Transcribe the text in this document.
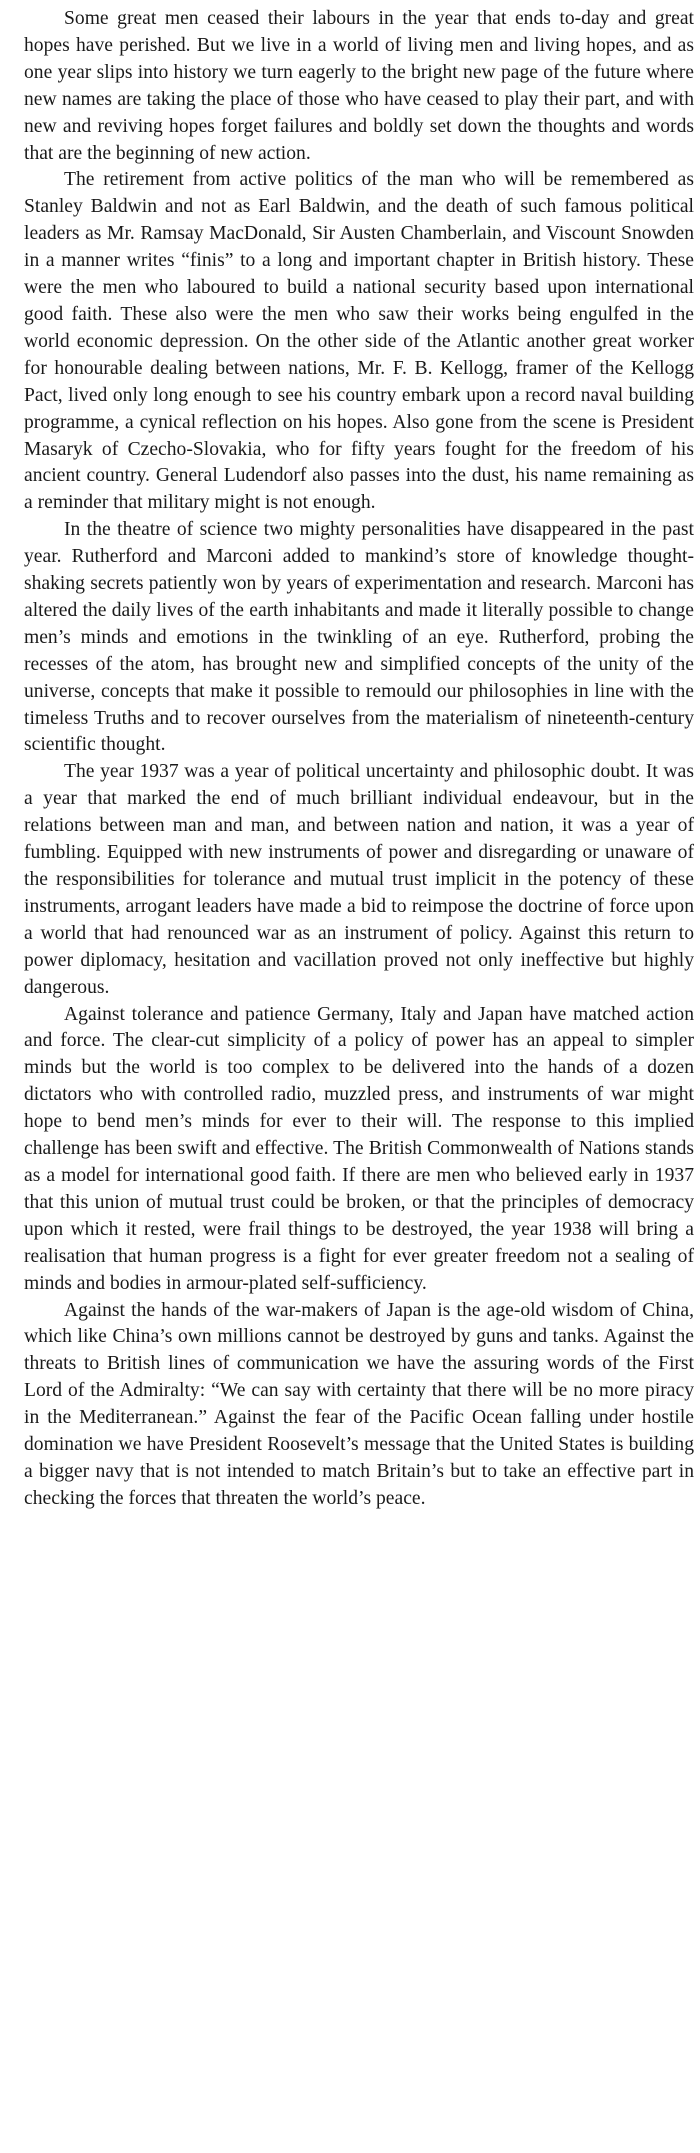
Some great men ceased their labours in the year that ends to-day and great hopes have perished. But we live in a world of living men and living hopes, and as one year slips into history we turn eagerly to the bright new page of the future where new names are taking the place of those who have ceased to play their part, and with new and reviving hopes forget failures and boldly set down the thoughts and words that are the beginning of new action.

The retirement from active politics of the man who will be remembered as Stanley Baldwin and not as Earl Baldwin, and the death of such famous political leaders as Mr. Ramsay MacDonald, Sir Austen Chamberlain, and Viscount Snowden in a manner writes “finis” to a long and important chapter in British history. These were the men who laboured to build a national security based upon international good faith. These also were the men who saw their works being engulfed in the world economic depression. On the other side of the Atlantic another great worker for honourable dealing between nations, Mr. F. B. Kellogg, framer of the Kellogg Pact, lived only long enough to see his country embark upon a record naval building programme, a cynical reflection on his hopes. Also gone from the scene is President Masaryk of Czecho-Slovakia, who for fifty years fought for the freedom of his ancient country. General Ludendorf also passes into the dust, his name remaining as a reminder that military might is not enough.

In the theatre of science two mighty personalities have disappeared in the past year. Rutherford and Marconi added to mankind’s store of knowledge thought-shaking secrets patiently won by years of experimentation and research. Marconi has altered the daily lives of the earth inhabitants and made it literally possible to change men’s minds and emotions in the twinkling of an eye. Rutherford, probing the recesses of the atom, has brought new and simplified concepts of the unity of the universe, concepts that make it possible to remould our philosophies in line with the timeless Truths and to recover ourselves from the materialism of nineteenth-century scientific thought.

The year 1937 was a year of political uncertainty and philosophic doubt. It was a year that marked the end of much brilliant individual endeavour, but in the relations between man and man, and between nation and nation, it was a year of fumbling. Equipped with new instruments of power and disregarding or unaware of the responsibilities for tolerance and mutual trust implicit in the potency of these instruments, arrogant leaders have made a bid to reimpose the doctrine of force upon a world that had renounced war as an instrument of policy. Against this return to power diplomacy, hesitation and vacillation proved not only ineffective but highly dangerous.

Against tolerance and patience Germany, Italy and Japan have matched action and force. The clear-cut simplicity of a policy of power has an appeal to simpler minds but the world is too complex to be delivered into the hands of a dozen dictators who with controlled radio, muzzled press, and instruments of war might hope to bend men’s minds for ever to their will. The response to this implied challenge has been swift and effective. The British Commonwealth of Nations stands as a model for international good faith. If there are men who believed early in 1937 that this union of mutual trust could be broken, or that the principles of democracy upon which it rested, were frail things to be destroyed, the year 1938 will bring a realisation that human progress is a fight for ever greater freedom not a sealing of minds and bodies in armour-plated self-sufficiency.

Against the hands of the war-makers of Japan is the age-old wisdom of China, which like China’s own millions cannot be destroyed by guns and tanks. Against the threats to British lines of communication we have the assuring words of the First Lord of the Admiralty: “We can say with certainty that there will be no more piracy in the Mediterranean.” Against the fear of the Pacific Ocean falling under hostile domination we have President Roosevelt’s message that the United States is building a bigger navy that is not intended to match Britain’s but to take an effective part in checking the forces that threaten the world’s peace.
